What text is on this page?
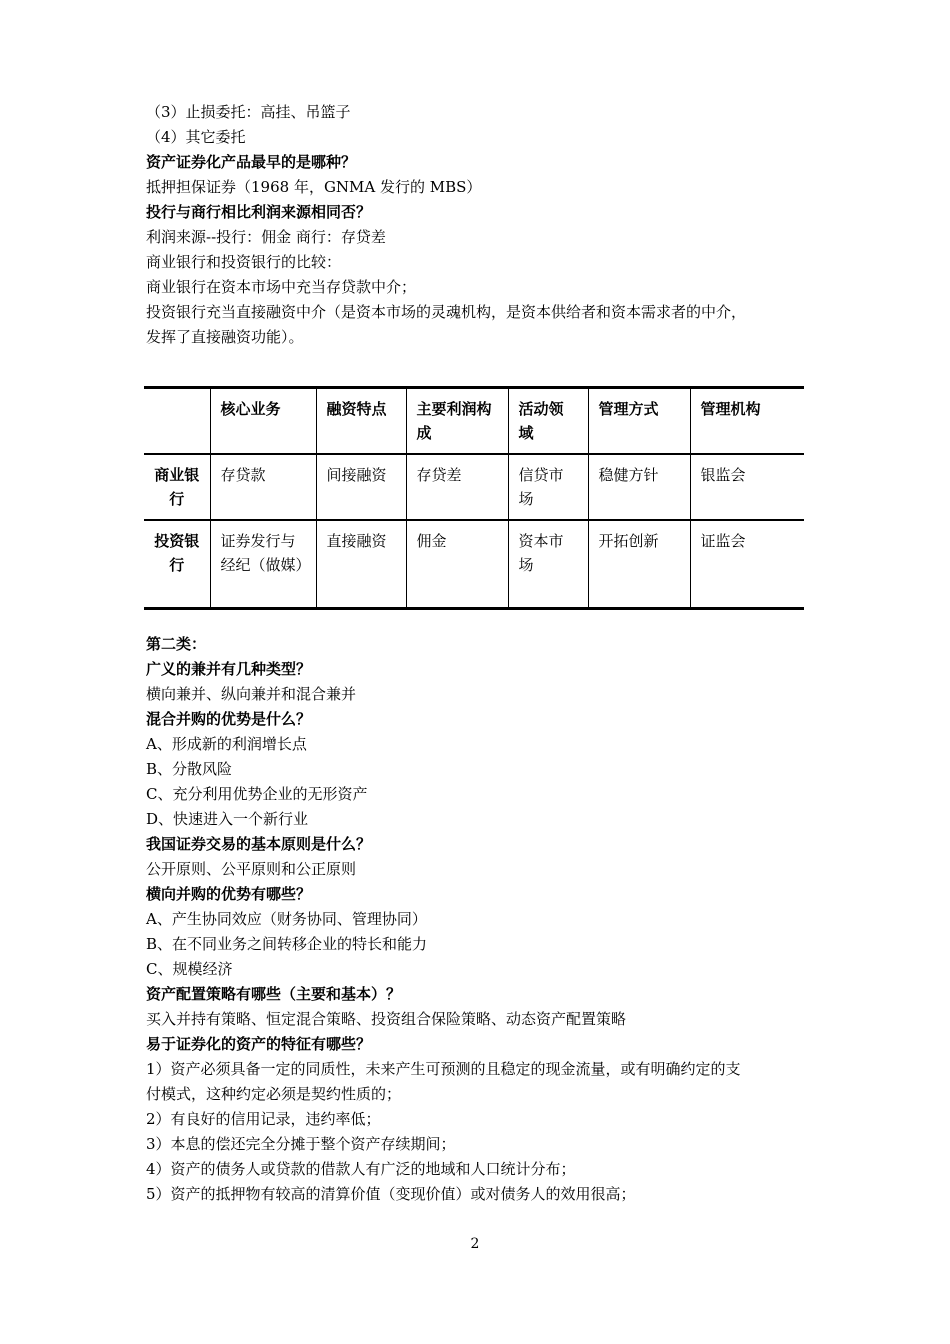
（3）止损委托：高挂、吊篮子
（4）其它委托
资产证券化产品最早的是哪种？
抵押担保证券（1968 年，GNMA 发行的 MBS）
投行与商行相比利润来源相同否？
利润来源--投行：佣金 商行：存贷差
商业银行和投资银行的比较：
商业银行在资本市场中充当存贷款中介；
投资银行充当直接融资中介（是资本市场的灵魂机构，是资本供给者和资本需求者的中介，
发挥了直接融资功能）。
	核心业务	融资特点	主要利润构成	活动领域	管理方式	管理机构
商业银行	存贷款	间接融资	存贷差	信贷市场	稳健方针	银监会
投资银行	证券发行与经纪（做媒）	直接融资	佣金	资本市场	开拓创新	证监会
第二类：
广义的兼并有几种类型？
横向兼并、纵向兼并和混合兼并
混合并购的优势是什么？
A、形成新的利润增长点
B、分散风险
C、充分利用优势企业的无形资产
D、快速进入一个新行业
我国证券交易的基本原则是什么？
公开原则、公平原则和公正原则
横向并购的优势有哪些？
A、产生协同效应（财务协同、管理协同）
B、在不同业务之间转移企业的特长和能力
C、规模经济
资产配置策略有哪些（主要和基本）？
买入并持有策略、恒定混合策略、投资组合保险策略、动态资产配置策略
易于证券化的资产的特征有哪些？
1）资产必须具备一定的同质性，未来产生可预测的且稳定的现金流量，或有明确约定的支
付模式，这种约定必须是契约性质的；
2）有良好的信用记录，违约率低；
3）本息的偿还完全分摊于整个资产存续期间；
4）资产的债务人或贷款的借款人有广泛的地域和人口统计分布；
5）资产的抵押物有较高的清算价值（变现价值）或对债务人的效用很高；
2
